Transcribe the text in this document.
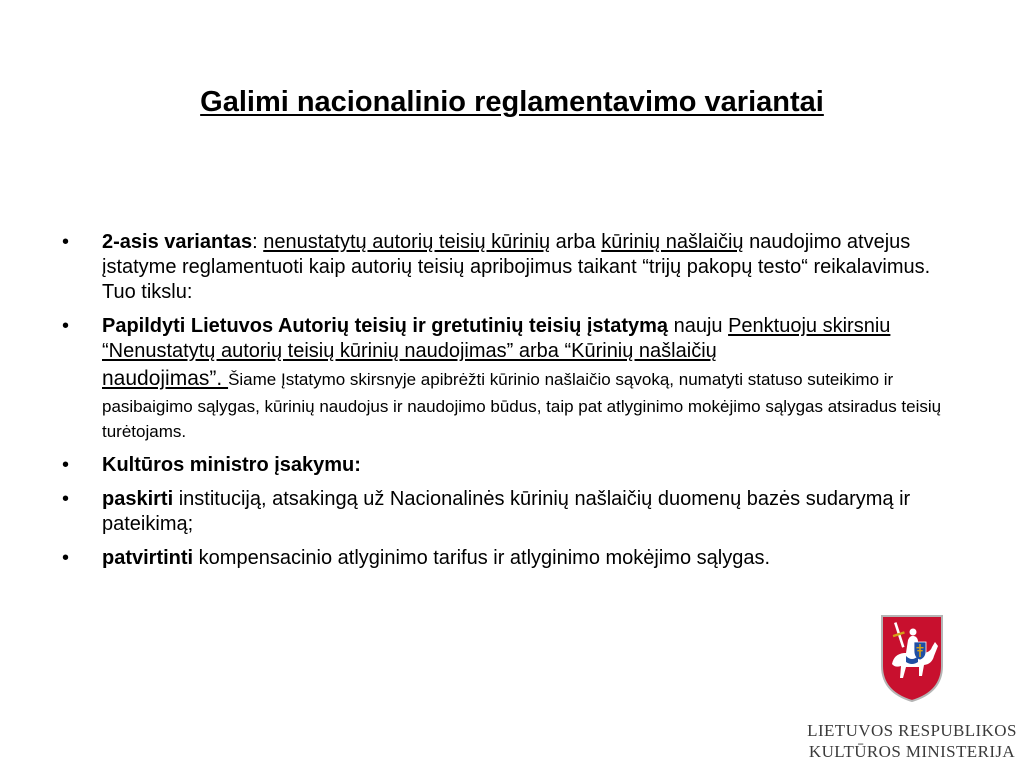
Galimi nacionalinio reglamentavimo variantai
• 2-asis variantas: nenustatytų autorių teisių kūrinių arba kūrinių našlaičių naudojimo atvejus įstatyme reglamentuoti kaip autorių teisių apribojimus taikant “trijų pakopų testo“ reikalavimus. Tuo tikslu:
• Papildyti Lietuvos Autorių teisių ir gretutinių teisių įstatymą nauju Penktuoju skirsniu “Nenustatytų autorių teisių kūrinių naudojimas” arba “Kūrinių našlaičių
naudojimas”. Šiame Įstatymo skirsnyje apibrėžti kūrinio našlaičio sąvoką, numatyti statuso suteikimo ir pasibaigimo sąlygas, kūrinių naudojus ir naudojimo būdus, taip pat atlyginimo mokėjimo sąlygas atsiradus teisių turėtojams.
• Kultūros ministro įsakymu:
• paskirti instituciją, atsakingą už Nacionalinės kūrinių našlaičių duomenų bazės sudarymą ir pateikimą;
• patvirtinti kompensacinio atlyginimo tarifus ir atlyginimo mokėjimo sąlygas.
LIETUVOS RESPUBLIKOS
KULTŪROS MINISTERIJA
